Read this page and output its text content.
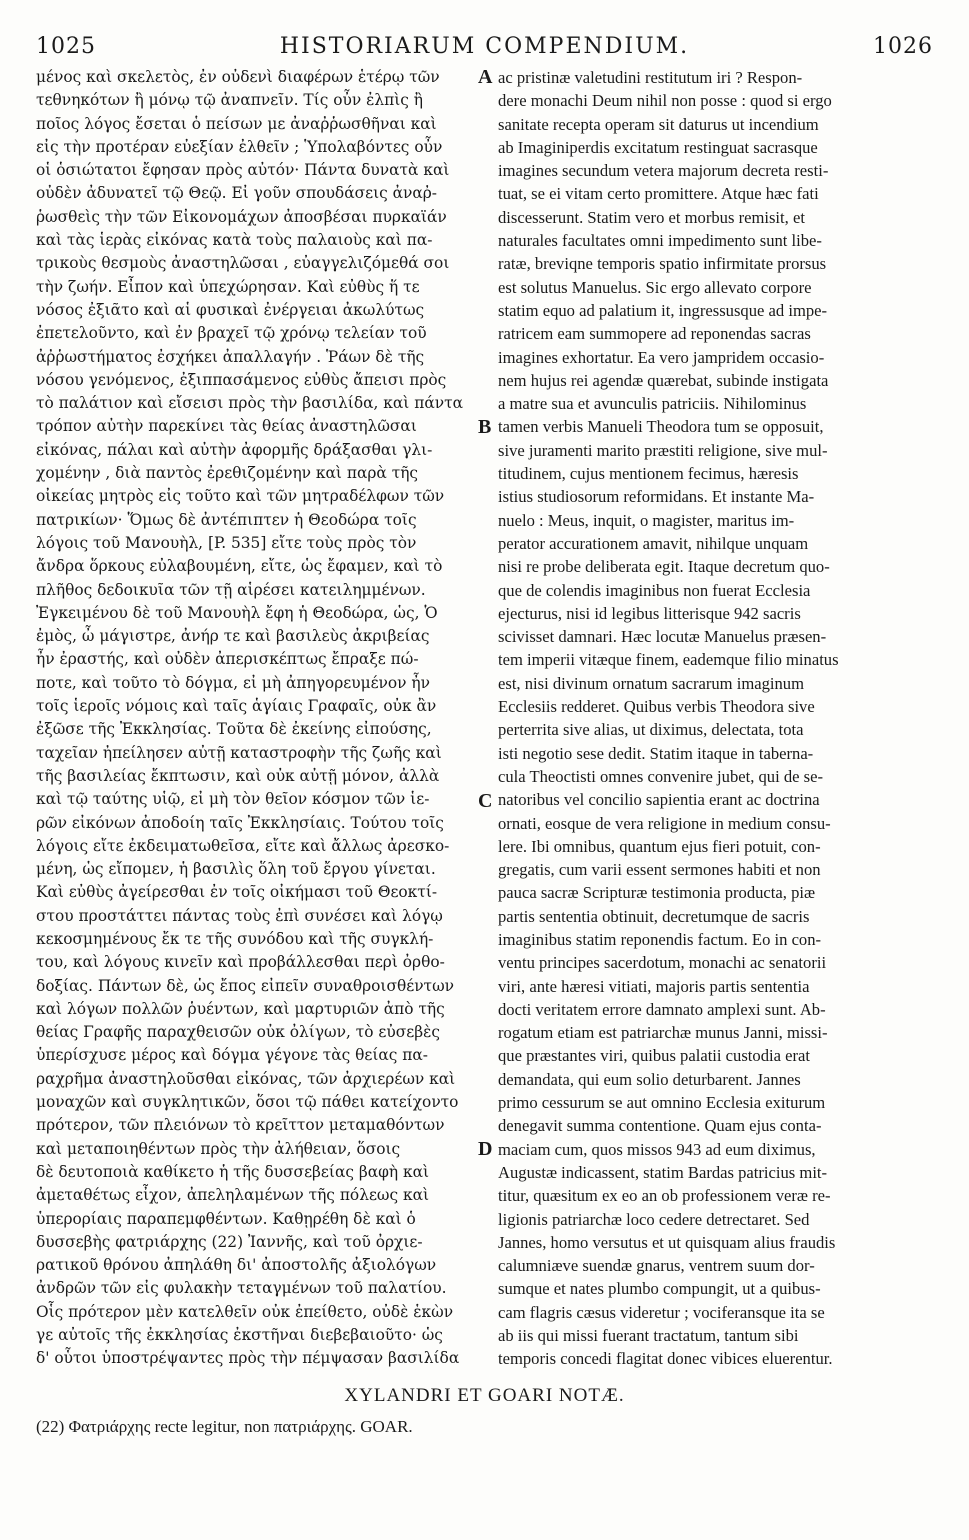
1025	HISTORIARUM COMPENDIUM.	1026
μένος καὶ σκελετὸς, ἐν οὐδενὶ διαφέρων ἑτέρῳ τῶν
τεθνηκότων ἢ μόνῳ τῷ ἀναπνεῖν. Τίς οὖν ἐλπὶς ἢ
ποῖος λόγος ἔσεται ὁ πείσων με ἀναῤῥωσθῆναι καὶ
εἰς τὴν προτέραν εὐεξίαν ἐλθεῖν ; Ὑπολαβόντες οὖν
οἱ ὁσιώτατοι ἔφησαν πρὸς αὐτόν· Πάντα δυνατὰ καὶ
οὐδὲν ἀδυνατεῖ τῷ Θεῷ. Εἰ γοῦν σπουδάσεις ἀναῤ-
ῥωσθεὶς τὴν τῶν Εἰκονομάχων ἀποσβέσαι πυρκαϊάν
καὶ τὰς ἱερὰς εἰκόνας κατὰ τοὺς παλαιοὺς καὶ πα-
τρικοὺς θεσμοὺς ἀναστηλῶσαι , εὐαγγελιζόμεθά σοι
τὴν ζωήν. Εἶπον καὶ ὑπεχώρησαν. Καὶ εὐθὺς ἥ τε
νόσος ἐξιᾶτο καὶ αἱ φυσικαὶ ἐνέργειαι ἀκωλύτως
ἐπετελοῦντο, καὶ ἐν βραχεῖ τῷ χρόνῳ τελείαν τοῦ
ἀῤῥωστήματος ἐσχήκει ἀπαλλαγήν . Ῥάων δὲ τῆς
νόσου γενόμενος, ἐξιππασάμενος εὐθὺς ἄπεισι πρὸς
τὸ παλάτιον καὶ εἴσεισι πρὸς τὴν βασιλίδα, καὶ πάντα
τρόπον αὐτὴν παρεκίνει τὰς θείας ἀναστηλῶσαι
εἰκόνας, πάλαι καὶ αὐτὴν ἀφορμῆς δράξασθαι γλι-
χομένην , διὰ παντὸς ἐρεθιζομένην καὶ παρὰ τῆς
οἰκείας μητρὸς εἰς τοῦτο καὶ τῶν μητραδέλφων τῶν
πατρικίων· Ὅμως δὲ ἀντέπιπτεν ἡ Θεοδώρα τοῖς
λόγοις τοῦ Μανουὴλ, [P. 535] εἴτε τοὺς πρὸς τὸν
ἄνδρα ὅρκους εὐλαβουμένη, εἴτε, ὡς ἔφαμεν, καὶ τὸ
πλῆθος δεδοικυῖα τῶν τῇ αἱρέσει κατειλημμένων.
Ἐγκειμένου δὲ τοῦ Μανουὴλ ἔφη ἡ Θεοδώρα, ὡς, Ὁ
ἐμὸς, ὦ μάγιστρε, ἀνήρ τε καὶ βασιλεὺς ἀκριβείας
ἦν ἐραστής, καὶ οὐδὲν ἀπερισκέπτως ἔπραξε πώ-
ποτε, καὶ τοῦτο τὸ δόγμα, εἰ μὴ ἀπηγορευμένον ἦν
τοῖς ἱεροῖς νόμοις καὶ ταῖς ἁγίαις Γραφαῖς, οὐκ ἂν
ἐξῶσε τῆς Ἐκκλησίας. Τοῦτα δὲ ἐκείνης εἰπούσης,
ταχεῖαν ἠπείλησεν αὐτῇ καταστροφὴν τῆς ζωῆς καὶ
τῆς βασιλείας ἔκπτωσιν, καὶ οὐκ αὐτῇ μόνον, ἀλλὰ
καὶ τῷ ταύτης υἱῷ, εἰ μὴ τὸν θεῖον κόσμον τῶν ἱε-
ρῶν εἰκόνων ἀποδοίη ταῖς Ἐκκλησίαις. Τούτου τοῖς
λόγοις εἴτε ἐκδειματωθεῖσα, εἴτε καὶ ἄλλως ἀρεσκο-
μένη, ὡς εἴπομεν, ἡ βασιλὶς ὅλη τοῦ ἔργου γίνεται.
Καὶ εὐθὺς ἀγείρεσθαι ἐν τοῖς οἰκήμασι τοῦ Θεοκτί-
στου προστάττει πάντας τοὺς ἐπὶ συνέσει καὶ λόγῳ
κεκοσμημένους ἔκ τε τῆς συνόδου καὶ τῆς συγκλή-
του, καὶ λόγους κινεῖν καὶ προβάλλεσθαι περὶ ὀρθο-
δοξίας. Πάντων δὲ, ὡς ἔπος εἰπεῖν συναθροισθέντων
καὶ λόγων πολλῶν ῥυέντων, καὶ μαρτυριῶν ἀπὸ τῆς
θείας Γραφῆς παραχθεισῶν οὐκ ὀλίγων, τὸ εὐσεβὲς
ὑπερίσχυσε μέρος καὶ δόγμα γέγονε τὰς θείας πα-
ραχρῆμα ἀναστηλοῦσθαι εἰκόνας, τῶν ἀρχιερέων καὶ
μοναχῶν καὶ συγκλητικῶν, ὅσοι τῷ πάθει κατείχοντο
πρότερον, τῶν πλειόνων τὸ κρεῖττον μεταμαθόντων
καὶ μεταποιηθέντων πρὸς τὴν ἀλήθειαν, ὅσοις
δὲ δευτοποιὰ καθίκετο ἡ τῆς δυσσεβείας βαφὴ καὶ
ἀμεταθέτως εἶχον, ἀπεληλαμένων τῆς πόλεως καὶ
ὑπερορίαις παραπεμφθέντων. Καθῃρέθη δὲ καὶ ὁ
δυσσεβὴς φατριάρχης (22) Ἰαννῆς, καὶ τοῦ ὀρχιε-
ρατικοῦ θρόνου ἀπηλάθη δι' ἀποστολῆς ἀξιολόγων
ἀνδρῶν τῶν εἰς φυλακὴν τεταγμένων τοῦ παλατίου.
Οἷς πρότερον μὲν κατελθεῖν οὐκ ἐπείθετο, οὐδὲ ἑκὼν
γε αὐτοῖς τῆς ἐκκλησίας ἐκστῆναι διεβεβαιοῦτο· ὡς
δ' οὗτοι ὑποστρέψαντες πρὸς τὴν πέμψασαν βασιλίδα
ac pristinæ valetudini restitutum iri ? Respon-
dere monachi Deum nihil non posse : quod si ergo
sanitate recepta operam sit daturus ut incendium
ab Imaginiperdis excitatum restinguat sacrasque
imagines secundum vetera majorum decreta resti-
tuat, se ei vitam certo promittere. Atque hæc fati
discesserunt. Statim vero et morbus remisit, et
naturales facultates omni impedimento sunt libe-
ratæ, breviqne temporis spatio infirmitate prorsus
est solutus Manuelus. Sic ergo allevato corpore
statim equo ad palatium it, ingressusque ad impe-
ratricem eam summopere ad reponendas sacras
imagines exhortatur. Ea vero jampridem occasio-
nem hujus rei agendæ quærebat, subinde instigata
a matre sua et avunculis patriciis. Nihilominus
tamen verbis Manueli Theodora tum se opposuit,
sive juramenti marito præstiti religione, sive mul-
titudinem, cujus mentionem fecimus, hæresis
istius studiosorum reformidans. Et instante Ma-
nuelo : Meus, inquit, o magister, maritus im-
perator accurationem amavit, nihilque unquam
nisi re probe deliberata egit. Itaque decretum quo-
que de colendis imaginibus non fuerat Ecclesia
ejecturus, nisi id legibus litterisque 942 sacris
scivisset damnari. Hæc locutæ Manuelus præsen-
tem imperii vitæque finem, eademque filio minatus
est, nisi divinum ornatum sacrarum imaginum
Ecclesiis redderet. Quibus verbis Theodora sive
perterrita sive alias, ut diximus, delectata, tota
isti negotio sese dedit. Statim itaque in taberna-
cula Theoctisti omnes convenire jubet, qui de se-
natoribus vel concilio sapientia erant ac doctrina
ornati, eosque de vera religione in medium consu-
lere. Ibi omnibus, quantum ejus fieri potuit, con-
gregatis, cum varii essent sermones habiti et non
pauca sacræ Scripturæ testimonia producta, piæ
partis sententia obtinuit, decretumque de sacris
imaginibus statim reponendis factum. Eo in con-
ventu principes sacerdotum, monachi ac senatorii
viri, ante hæresi vitiati, majoris partis sententia
docti veritatem errore damnato amplexi sunt. Ab-
rogatum etiam est patriarchæ munus Janni, missi-
que præstantes viri, quibus palatii custodia erat
demandata, qui eum solio deturbarent. Jannes
primo cessurum se aut omnino Ecclesia exiturum
denegavit summa contentione. Quam ejus conta-
maciam cum, quos missos 943 ad eum diximus,
Augustæ indicassent, statim Bardas patricius mit-
titur, quæsitum ex eo an ob professionem veræ re-
ligionis patriarchæ loco cedere detrectaret. Sed
Jannes, homo versutus et ut quisquam alius fraudis
calumniæve suendæ gnarus, ventrem suum dor-
sumque et nates plumbo compungit, ut a quibus-
cam flagris cæsus videretur ; vociferansque ita se
ab iis qui missi fuerant tractatum, tantum sibi
temporis concedi flagitat donec vibices eluerentur.
A
B
C
D
XYLANDRI ET GOARI NOTÆ.
(22) Φατριάρχης recte legitur, non πατριάρχης. GOAR.
